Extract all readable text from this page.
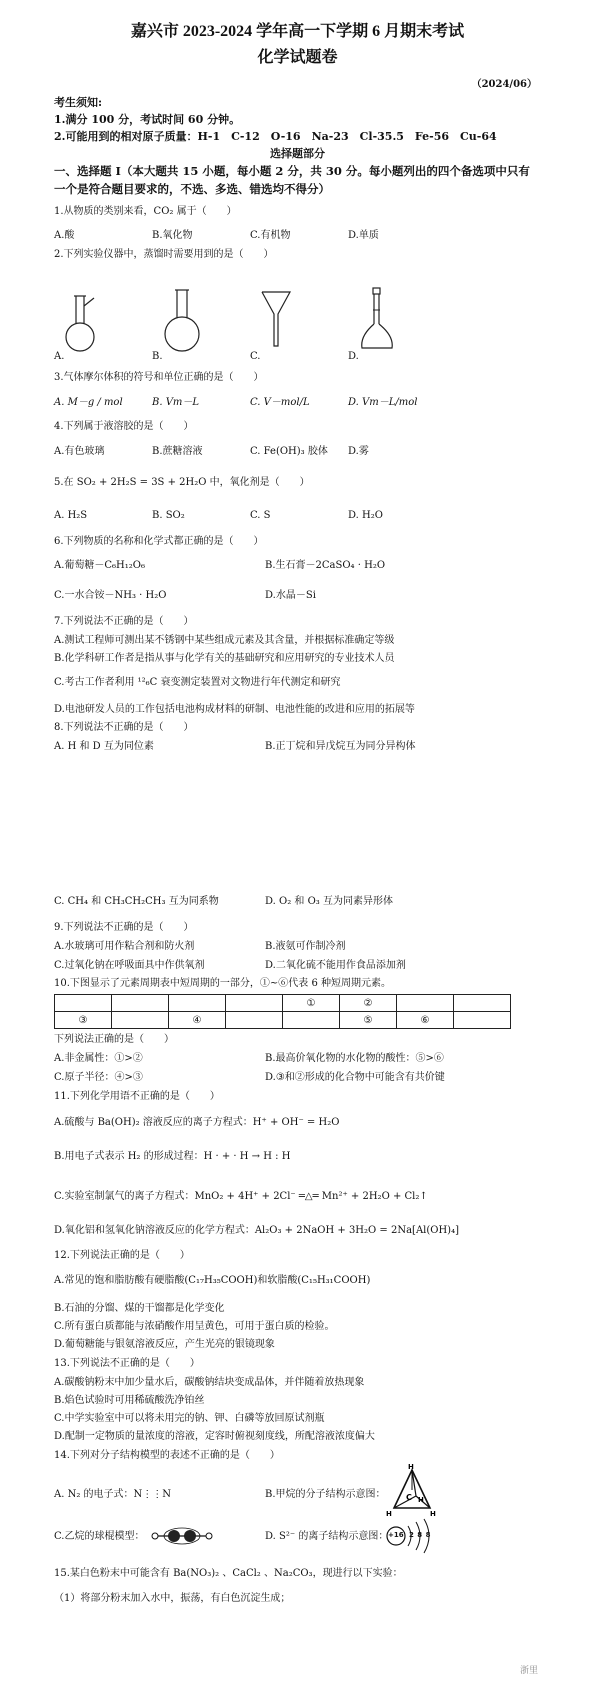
嘉兴市 2023-2024 学年高一下学期 6 月期末考试
化学试题卷
（2024/06）
考生须知:
1.满分 100 分，考试时间 60 分钟。
2.可能用到的相对原子质量：H-1　C-12　O-16　Na-23　Cl-35.5　Fe-56　Cu-64
选择题部分
一、选择题 I（本大题共 15 小题，每小题 2 分，共 30 分。每小题列出的四个备选项中只有
一个是符合题目要求的，不选、多选、错选均不得分）
1.从物质的类别来看，CO₂ 属于（　　）
A.酸	B.氧化物	C.有机物	D.单质
2.下列实验仪器中，蒸馏时需要用到的是（　　）
A.	B.	C.	D.
3.气体摩尔体积的符号和单位正确的是（　　）
A. M－g / mol	B. Vm－L	C. V－mol/L	D. Vm－L/mol
4.下列属于液溶胶的是（　　）
A.有色玻璃	B.蔗糖溶液	C. Fe(OH)₃ 胶体 D.雾
5.在 SO₂ + 2H₂S = 3S + 2H₂O 中，氧化剂是（　　）
A. H₂S	B. SO₂	C. S	D. H₂O
6.下列物质的名称和化学式都正确的是（　　）
A.葡萄糖－C₆H₁₂O₆	B.生石膏－2CaSO₄ · H₂O
C.一水合铵－NH₃ · H₂O	D.水晶－Si
7.下列说法不正确的是（　　）
A.测试工程师可测出某不锈钢中某些组成元素及其含量，并根据标准确定等级
B.化学科研工作者是指从事与化学有关的基础研究和应用研究的专业技术人员
C.考古工作者利用 ¹²₆C 衰变测定装置对文物进行年代测定和研究
D.电池研发人员的工作包括电池构成材料的研制、电池性能的改进和应用的拓展等
8.下列说法不正确的是（　　）
A. H 和 D 互为同位素	B.正丁烷和异戊烷互为同分异构体
C. CH₄ 和 CH₃CH₂CH₃ 互为同系物	D. O₂ 和 O₃ 互为同素异形体
9.下列说法不正确的是（　　）
A.水玻璃可用作粘合剂和防火剂	B.液氨可作制冷剂
C.过氧化钠在呼吸面具中作供氧剂	D.二氧化硫不能用作食品添加剂
10.下图显示了元素周期表中短周期的一部分，①~⑥代表 6 种短周期元素。
				①	②		
③		④			⑤	⑥	
下列说法正确的是（　　）
A.非金属性：①>②	B.最高价氧化物的水化物的酸性：⑤>⑥
C.原子半径：④>③	D.③和②形成的化合物中可能含有共价键
11.下列化学用语不正确的是（　　）
A.硫酸与 Ba(OH)₂ 溶液反应的离子方程式：H⁺ + OH⁻ = H₂O
B.用电子式表示 H₂ 的形成过程：H · + · H → H : H
C.实验室制氯气的离子方程式：MnO₂ + 4H⁺ + 2Cl⁻ ═△═ Mn²⁺ + 2H₂O + Cl₂↑
D.氧化铝和氢氧化钠溶液反应的化学方程式：Al₂O₃ + 2NaOH + 3H₂O = 2Na[Al(OH)₄]
12.下列说法正确的是（　　）
A.常见的饱和脂肪酸有硬脂酸(C₁₇H₃₅COOH)和软脂酸(C₁₅H₃₁COOH)
B.石油的分馏、煤的干馏都是化学变化
C.所有蛋白质都能与浓硝酸作用呈黄色，可用于蛋白质的检验。
D.葡萄糖能与银氨溶液反应，产生光亮的银镜现象
13.下列说法不正确的是（　　）
A.碳酸钠粉末中加少量水后，碳酸钠结块变成晶体，并伴随着放热现象
B.焰色试验时可用稀硫酸洗净铂丝
C.中学实验室中可以将未用完的钠、钾、白磷等放回原试剂瓶
D.配制一定物质的量浓度的溶液，定容时俯视刻度线，所配溶液浓度偏大
14.下列对分子结构模型的表述不正确的是（　　）
A. N₂ 的电子式：N⋮⋮N	B.甲烷的分子结构示意图：
H
H	H
H
C
C.乙烷的球棍模型：	D. S²⁻ 的离子结构示意图： +16 2 8 8
15.某白色粉末中可能含有 Ba(NO₃)₂ 、CaCl₂ 、Na₂CO₃，现进行以下实验：
（1）将部分粉末加入水中，振荡，有白色沉淀生成；
浙里
